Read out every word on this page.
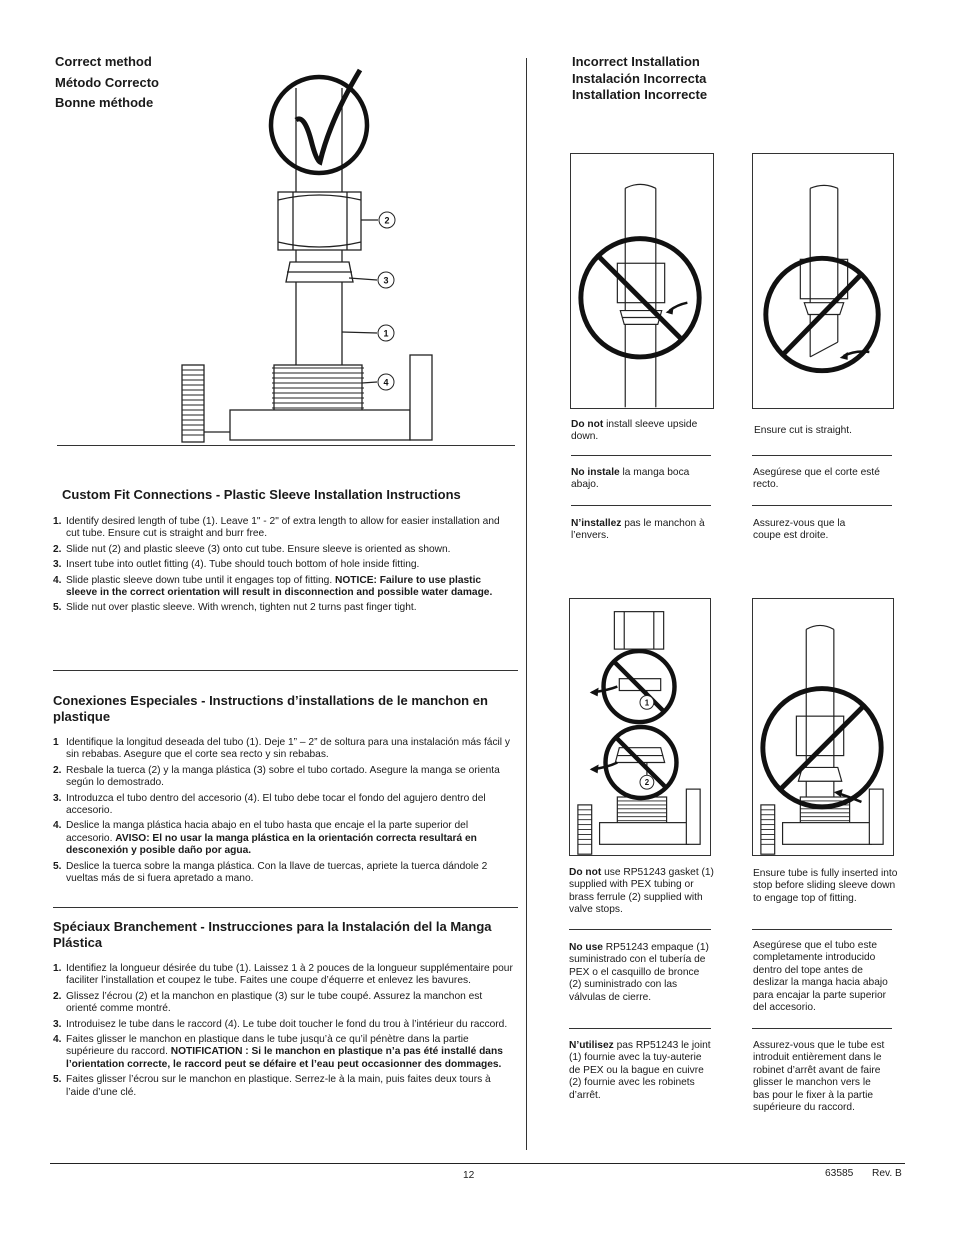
Correct method
Método Correcto
Bonne méthode
2
3
1
4
Custom Fit Connections - Plastic Sleeve Installation Instructions
1. Identify desired length of tube (1). Leave 1" - 2" of extra length to allow for easier installation and cut tube. Ensure cut is straight and burr free.
2. Slide nut (2) and plastic sleeve (3) onto cut tube. Ensure sleeve is oriented as shown.
3. Insert tube into outlet fitting (4). Tube should touch bottom of hole inside fitting.
4. Slide plastic sleeve down tube until it engages top of fitting. NOTICE: Failure to use plastic sleeve in the correct orientation will result in disconnection and possible water damage.
5. Slide nut over plastic sleeve. With wrench, tighten nut 2 turns past finger tight.
Conexiones Especiales - Instructions d’installations de le manchon en plastique
1 Identifique la longitud deseada del tubo (1). Deje 1” – 2” de soltura para una instalación más fácil y sin rebabas. Asegure que el corte sea recto y sin rebabas.
2. Resbale la tuerca (2) y la manga plástica (3) sobre el tubo cortado. Asegure la manga se orienta según lo demostrado.
3. Introduzca el tubo dentro del accesorio (4). El tubo debe tocar el fondo del agujero dentro del accesorio.
4. Deslice la manga plástica hacia abajo en el tubo hasta que encaje el la parte superior del accesorio. AVISO: El no usar la manga plástica en la orientación correcta resultará en desconexión y posible daño por agua.
5. Deslice la tuerca sobre la manga plástica. Con la llave de tuercas, apriete la tuerca dándole 2 vueltas más de si fuera apretado a mano.
Spéciaux Branchement - Instrucciones para la Instalación del la Manga Plástica
1. Identifiez la longueur désirée du tube (1). Laissez 1 à 2 pouces de la longueur supplémentaire pour faciliter l’installation et coupez le tube. Faites une coupe d’équerre et enlevez les bavures.
2. Glissez l’écrou (2) et la manchon en plastique (3) sur le tube coupé. Assurez la manchon est orienté comme montré.
3. Introduisez le tube dans le raccord (4). Le tube doit toucher le fond du trou à l’intérieur du raccord.
4. Faites glisser le manchon en plastique dans le tube jusqu’à ce qu’il pénètre dans la partie supérieure du raccord. NOTIFICATION : Si le manchon en plastique n’a pas été installé dans l’orientation correcte, le raccord peut se défaire et l’eau peut occasionner des dommages.
5. Faites glisser l’écrou sur le manchon en plastique. Serrez-le à la main, puis faites deux tours à l’aide d’une clé.
Incorrect Installation
Instalación Incorrecta
Installation Incorrecte
Do not install sleeve upside down.
No instale la manga boca abajo.
N’installez pas le manchon à l’envers.
Ensure cut is straight.
Asegúrese que el corte esté recto.
Assurez-vous que la coupe est droite.
1
2
Do not use RP51243 gasket (1) supplied with PEX tubing or brass ferrule (2) supplied with valve stops.
No use RP51243 empaque (1) suministrado con el tubería de PEX o el casquillo de bronce (2) suministrado con las válvulas de cierre.
N’utilisez pas RP51243 le joint (1) fournie avec la tuy-auterie de PEX ou la bague en cuivre (2) fournie avec les robinets d’arrêt.
Ensure tube is fully inserted into stop before sliding sleeve down to engage top of fitting.
Asegúrese que el tubo este completamente introducido dentro del tope antes de deslizar la manga hacia abajo para encajar la parte superior del accesorio.
Assurez-vous que le tube est introduit entièrement dans le robinet d’arrêt avant de faire glisser le manchon vers le bas pour le fixer à la partie supérieure du raccord.
12	63585 Rev. B
